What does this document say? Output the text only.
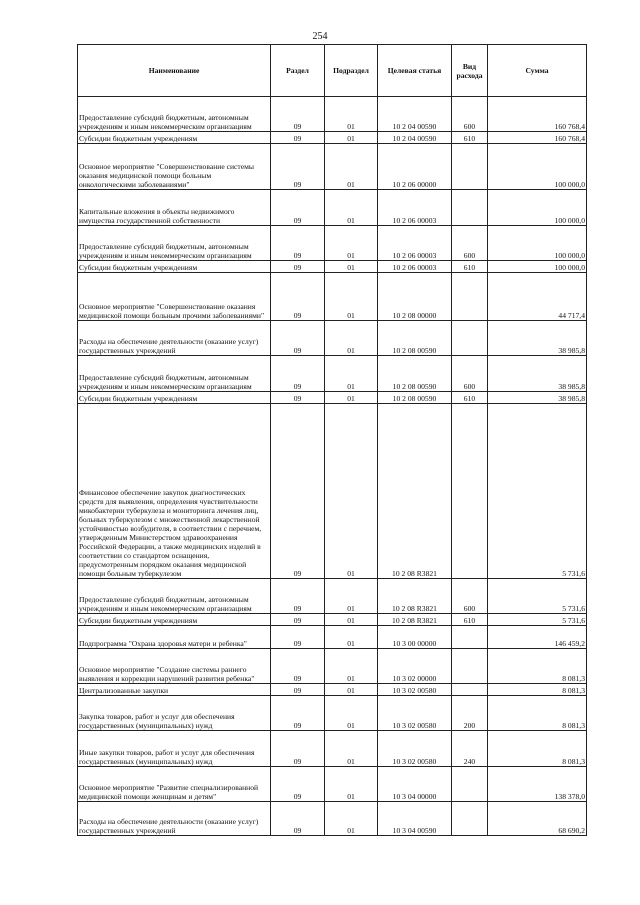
254
Наименование	Раздел	Подраздел	Целевая статья	Вид расхода	Сумма
Предоставление субсидий бюджетным, автономным учреждениям и иным некоммерческим организациям	09	01	10 2 04 00590	600	160 768,4
Субсидии бюджетным учреждениям	09	01	10 2 04 00590	610	160 768,4
Основное мероприятие "Совершенствование системы оказания медицинской помощи больным онкологическими заболеваниями"	09	01	10 2 06 00000		100 000,0
Капитальные вложения в объекты недвижимого имущества государственной собственности	09	01	10 2 06 00003		100 000,0
Предоставление субсидий бюджетным, автономным учреждениям и иным некоммерческим организациям	09	01	10 2 06 00003	600	100 000,0
Субсидии бюджетным учреждениям	09	01	10 2 06 00003	610	100 000,0
Основное мероприятие "Совершенствование оказания медицинской помощи больным прочими заболеваниями"	09	01	10 2 08 00000		44 717,4
Расходы на обеспечение деятельности (оказание услуг) государственных учреждений	09	01	10 2 08 00590		38 985,8
Предоставление субсидий бюджетным, автономным учреждениям и иным некоммерческим организациям	09	01	10 2 08 00590	600	38 985,8
Субсидии бюджетным учреждениям	09	01	10 2 08 00590	610	38 985,8
Финансовое обеспечение закупок диагностических средств для выявления, определения чувствительности микобактерии туберкулеза и мониторинга лечения лиц, больных туберкулезом с множественной лекарственной устойчивостью возбудителя, в соответствии с перечнем, утвержденным Министерством здравоохранения Российской Федерации, а также медицинских изделий в соответствии со стандартом оснащения, предусмотренным порядком оказания медицинской помощи больным туберкулезом	09	01	10 2 08 R3821		5 731,6
Предоставление субсидий бюджетным, автономным учреждениям и иным некоммерческим организациям	09	01	10 2 08 R3821	600	5 731,6
Субсидии бюджетным учреждениям	09	01	10 2 08 R3821	610	5 731,6
Подпрограмма "Охрана здоровья матери и ребенка"	09	01	10 3 00 00000		146 459,2
Основное мероприятие "Создание системы раннего выявления и коррекции нарушений развития ребенка"	09	01	10 3 02 00000		8 081,3
Централизованные закупки	09	01	10 3 02 00580		8 081,3
Закупка товаров, работ и услуг для обеспечения государственных (муниципальных) нужд	09	01	10 3 02 00580	200	8 081,3
Иные закупки товаров, работ и услуг для обеспечения государственных (муниципальных) нужд	09	01	10 3 02 00580	240	8 081,3
Основное мероприятие "Развитие специализированной медицинской помощи женщинам и детям"	09	01	10 3 04 00000		138 378,0
Расходы на обеспечение деятельности (оказание услуг) государственных учреждений	09	01	10 3 04 00590		68 690,2
